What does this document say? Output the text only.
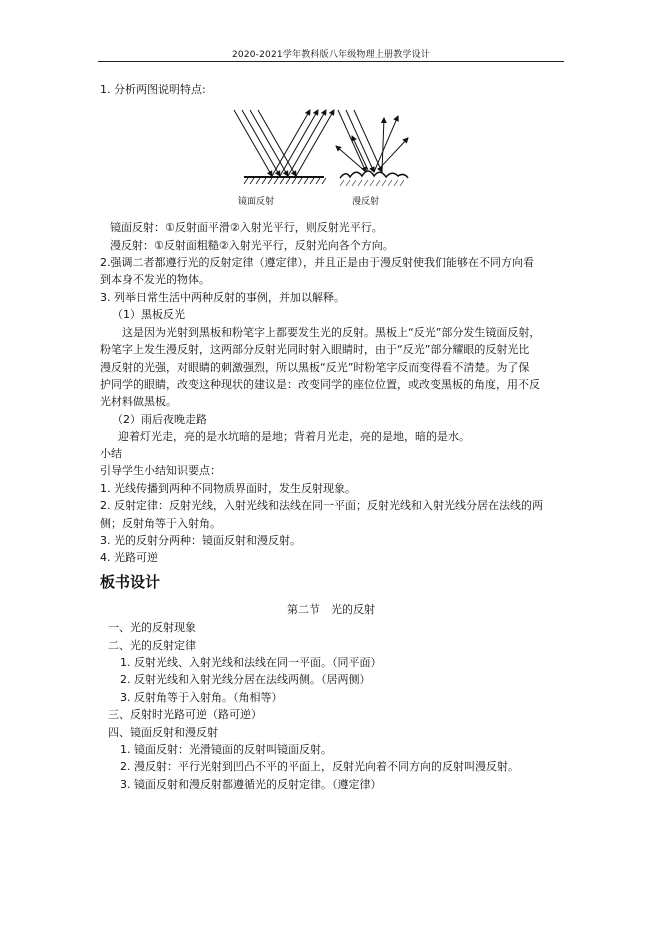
2020-2021学年教科版八年级物理上册教学设计
1. 分析两图说明特点:
镜面反射	漫反射
镜面反射：①反射面平滑②入射光平行，则反射光平行。
漫反射：①反射面粗糙②入射光平行，反射光向各个方向。
2.强调二者都遵行光的反射定律（遵定律），并且正是由于漫反射使我们能够在不同方向看
到本身不发光的物体。
3. 列举日常生活中两种反射的事例，并加以解释。
（1）黑板反光
这是因为光射到黑板和粉笔字上都要发生光的反射。黑板上“反光”部分发生镜面反射，
粉笔字上发生漫反射，这两部分反射光同时射入眼睛时，由于“反光”部分耀眼的反射光比
漫反射的光强，对眼睛的刺激强烈，所以黑板“反光”时粉笔字反而变得看不清楚。为了保
护同学的眼睛，改变这种现状的建议是：改变同学的座位位置，或改变黑板的角度，用不反
光材料做黑板。
（2）雨后夜晚走路
迎着灯光走，亮的是水坑暗的是地；背着月光走，亮的是地，暗的是水。
小结
引导学生小结知识要点：
1. 光线传播到两种不同物质界面时，发生反射现象。
2. 反射定律：反射光线，入射光线和法线在同一平面；反射光线和入射光线分居在法线的两
侧；反射角等于入射角。
3. 光的反射分两种：镜面反射和漫反射。
4. 光路可逆
板书设计
第二节　光的反射
一、光的反射现象
二、光的反射定律
1. 反射光线、入射光线和法线在同一平面。（同平面）
2. 反射光线和入射光线分居在法线两侧。（居两侧）
3. 反射角等于入射角。（角相等）
三、反射时光路可逆（路可逆）
四、镜面反射和漫反射
1. 镜面反射：光滑镜面的反射叫镜面反射。
2. 漫反射：平行光射到凹凸不平的平面上，反射光向着不同方向的反射叫漫反射。
3. 镜面反射和漫反射都遵循光的反射定律。（遵定律）
